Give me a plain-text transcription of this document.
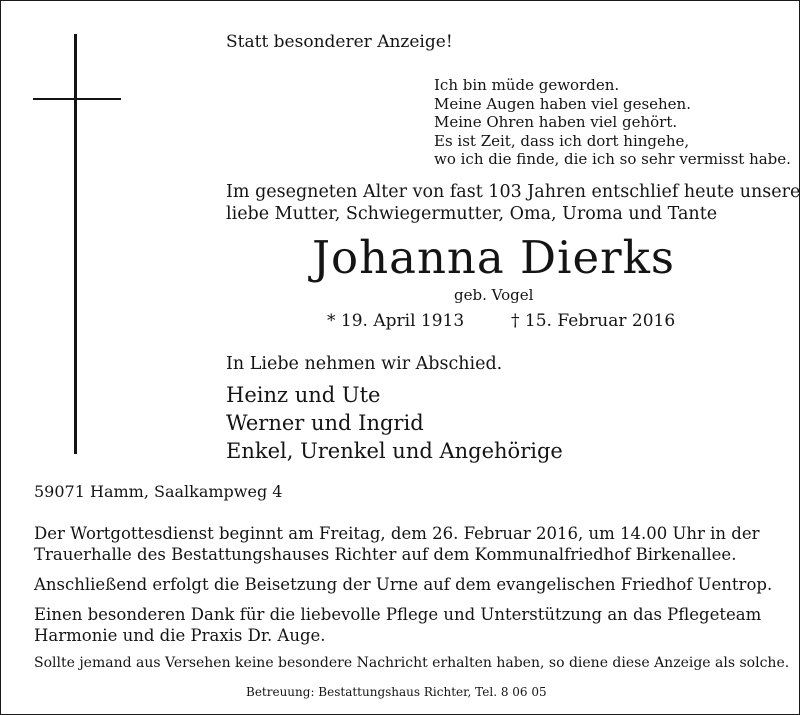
Statt besonderer Anzeige!
Ich bin müde geworden.
Meine Augen haben viel gesehen.
Meine Ohren haben viel gehört.
Es ist Zeit, dass ich dort hingehe,
wo ich die finde, die ich so sehr vermisst habe.
Im gesegneten Alter von fast 103 Jahren entschlief heute unsere
liebe Mutter, Schwiegermutter, Oma, Uroma und Tante
Johanna Dierks
geb. Vogel
* 19. April 1913	† 15. Februar 2016
In Liebe nehmen wir Abschied.
Heinz und Ute
Werner und Ingrid
Enkel, Urenkel und Angehörige
59071 Hamm, Saalkampweg 4
Der Wortgottesdienst beginnt am Freitag, dem 26. Februar 2016, um 14.00 Uhr in der
Trauerhalle des Bestattungshauses Richter auf dem Kommunalfriedhof Birkenallee.
Anschließend erfolgt die Beisetzung der Urne auf dem evangelischen Friedhof Uentrop.
Einen besonderen Dank für die liebevolle Pflege und Unterstützung an das Pflegeteam
Harmonie und die Praxis Dr. Auge.
Sollte jemand aus Versehen keine besondere Nachricht erhalten haben, so diene diese Anzeige als solche.
Betreuung: Bestattungshaus Richter, Tel. 8 06 05
